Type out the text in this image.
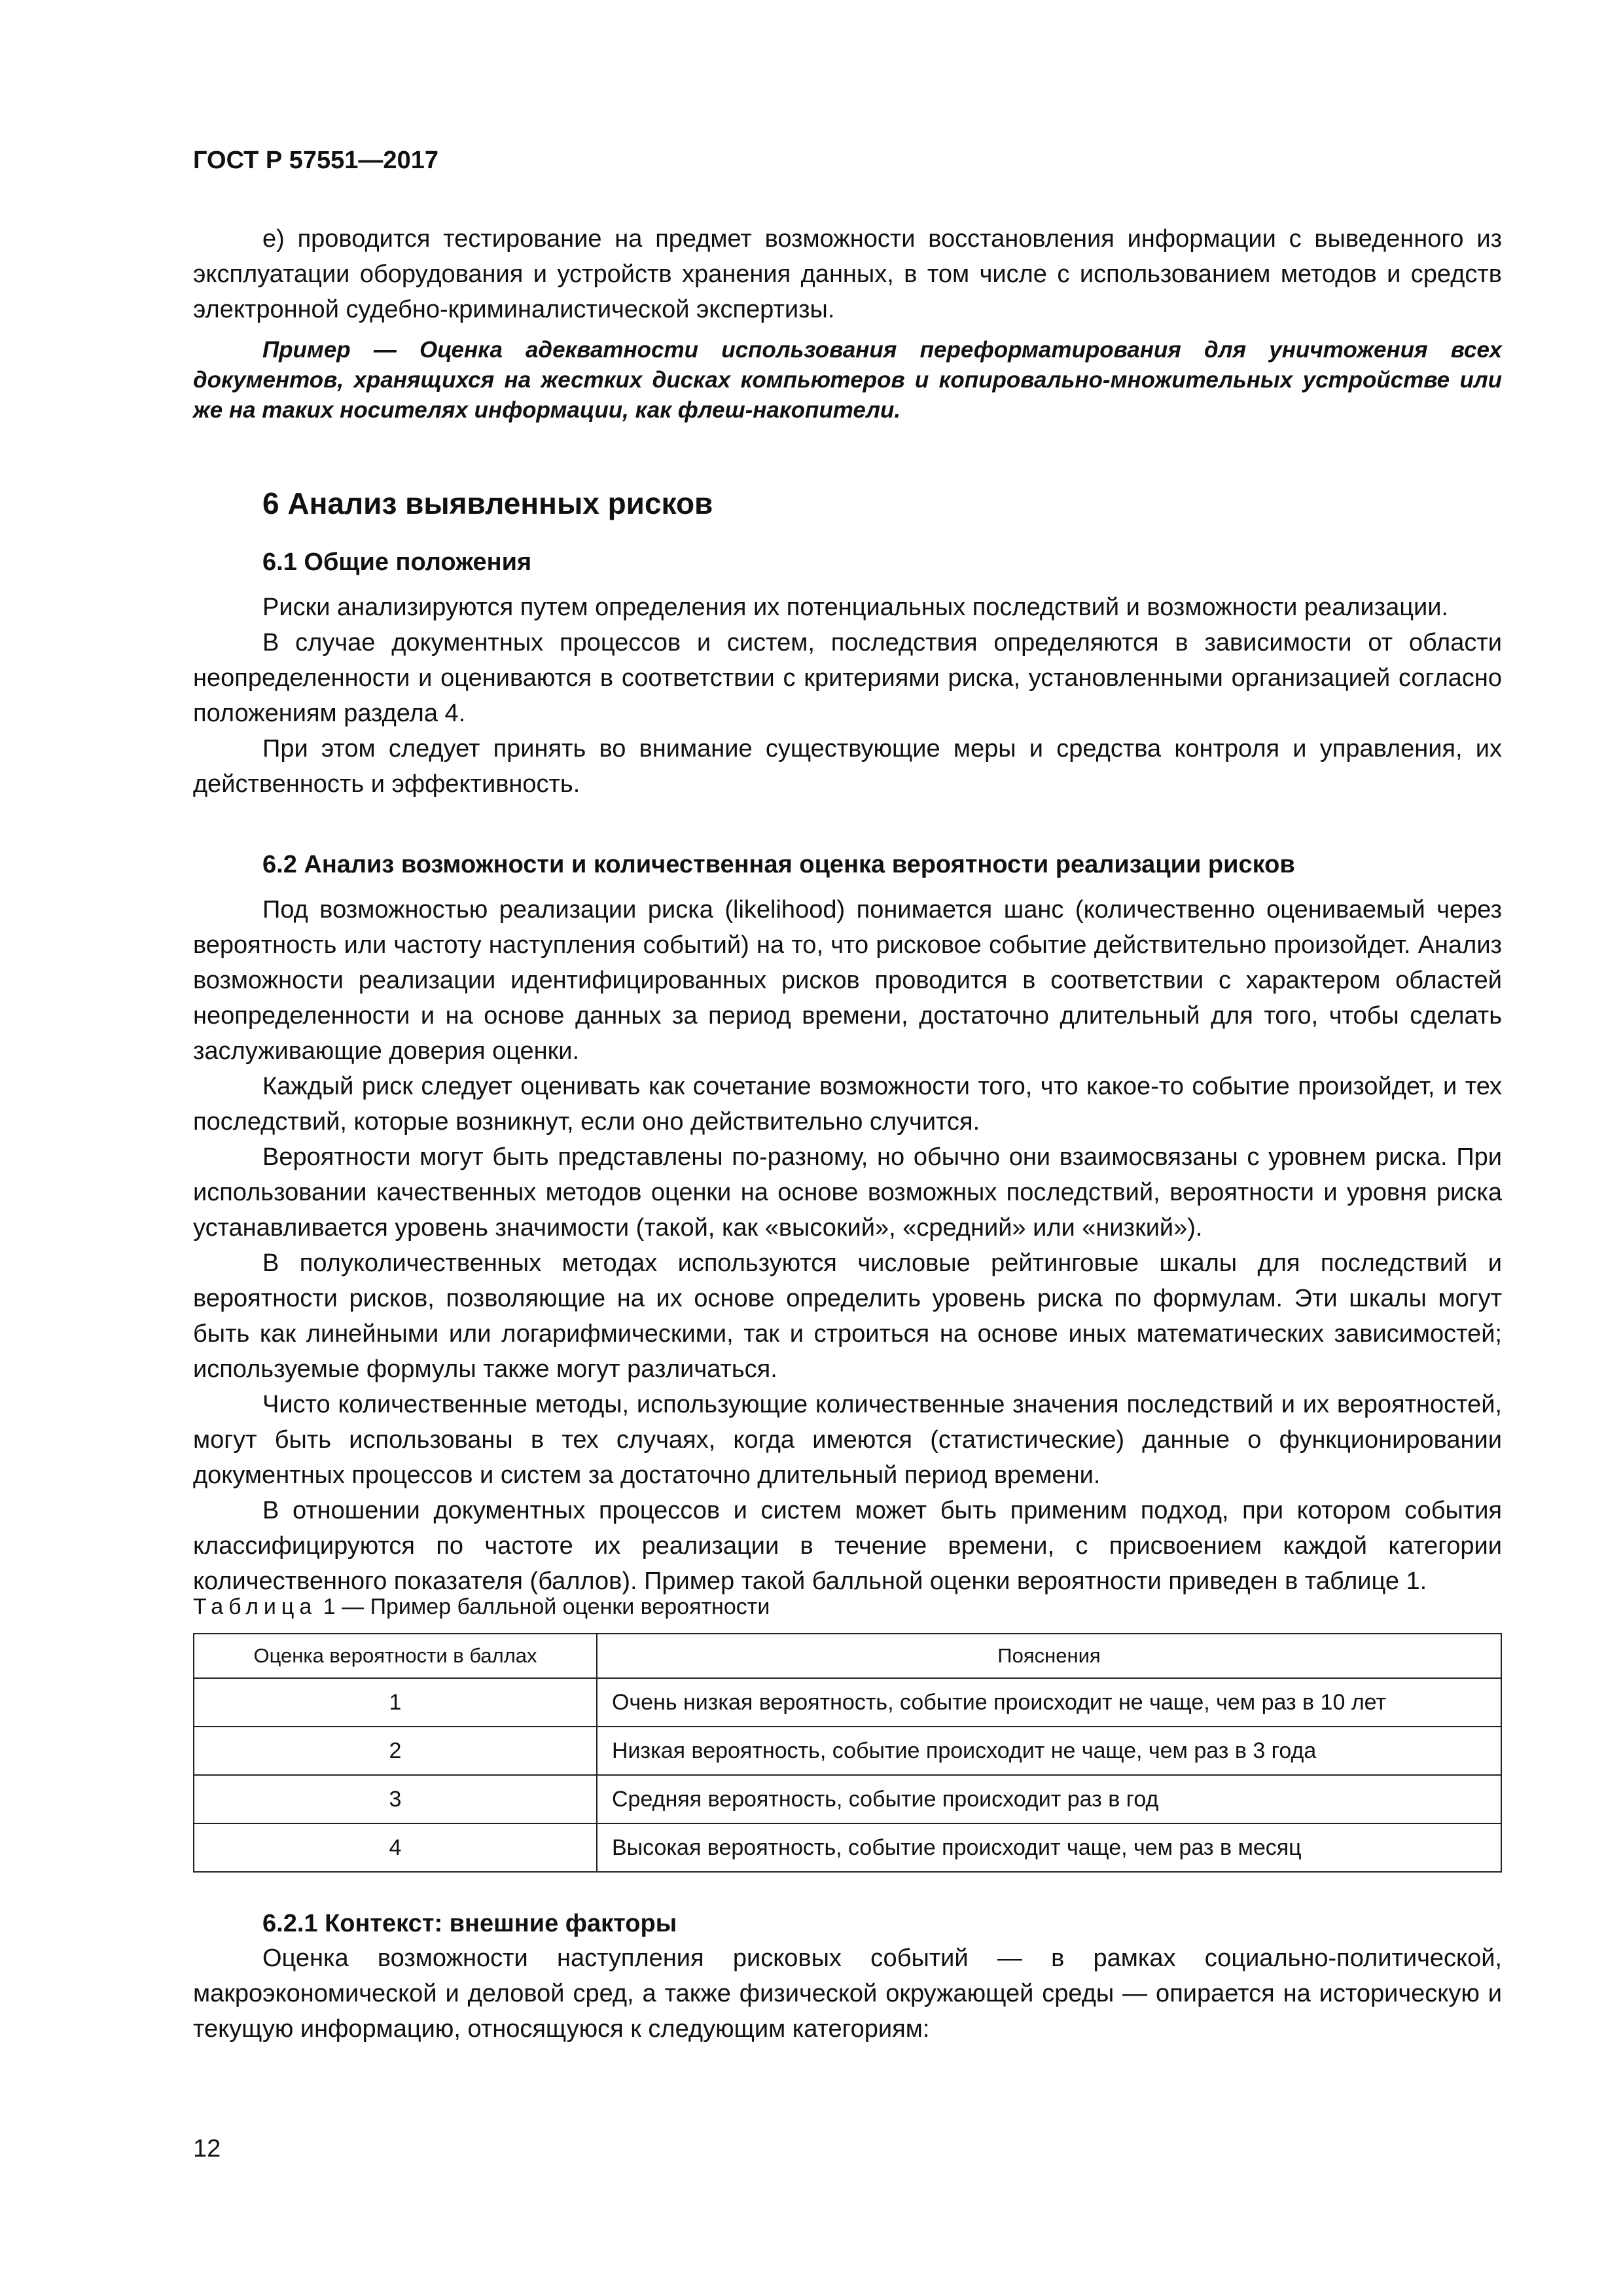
ГОСТ Р 57551—2017

е) проводится тестирование на предмет возможности восстановления информации с выведенного из эксплуатации оборудования и устройств хранения данных, в том числе с использованием методов и средств электронной судебно-криминалистической экспертизы.

Пример — Оценка адекватности использования переформатирования для уничтожения всех документов, хранящихся на жестких дисках компьютеров и копировально-множительных устройстве или же на таких носителях информации, как флеш-накопители.

6 Анализ выявленных рисков

6.1 Общие положения

Риски анализируются путем определения их потенциальных последствий и возможности реализации.

В случае документных процессов и систем, последствия определяются в зависимости от области неопределенности и оцениваются в соответствии с критериями риска, установленными организацией согласно положениям раздела 4.

При этом следует принять во внимание существующие меры и средства контроля и управления, их действенность и эффективность.

6.2 Анализ возможности и количественная оценка вероятности реализации рисков

Под возможностью реализации риска (likelihood) понимается шанс (количественно оцениваемый через вероятность или частоту наступления событий) на то, что рисковое событие действительно произойдет. Анализ возможности реализации идентифицированных рисков проводится в соответствии с характером областей неопределенности и на основе данных за период времени, достаточно длительный для того, чтобы сделать заслуживающие доверия оценки.

Каждый риск следует оценивать как сочетание возможности того, что какое-то событие произойдет, и тех последствий, которые возникнут, если оно действительно случится.

Вероятности могут быть представлены по-разному, но обычно они взаимосвязаны с уровнем риска. При использовании качественных методов оценки на основе возможных последствий, вероятности и уровня риска устанавливается уровень значимости (такой, как «высокий», «средний» или «низкий»).

В полуколичественных методах используются числовые рейтинговые шкалы для последствий и вероятности рисков, позволяющие на их основе определить уровень риска по формулам. Эти шкалы могут быть как линейными или логарифмическими, так и строиться на основе иных математических зависимостей; используемые формулы также могут различаться.

Чисто количественные методы, использующие количественные значения последствий и их вероятностей, могут быть использованы в тех случаях, когда имеются (статистические) данные о функционировании документных процессов и систем за достаточно длительный период времени.

В отношении документных процессов и систем может быть применим подход, при котором события классифицируются по частоте их реализации в течение времени, с присвоением каждой категории количественного показателя (баллов). Пример такой балльной оценки вероятности приведен в таблице 1.

Таблица 1 — Пример балльной оценки вероятности

Оценка вероятности в баллах	Пояснения
1	Очень низкая вероятность, событие происходит не чаще, чем раз в 10 лет
2	Низкая вероятность, событие происходит не чаще, чем раз в 3 года
3	Средняя вероятность, событие происходит раз в год
4	Высокая вероятность, событие происходит чаще, чем раз в месяц

6.2.1 Контекст: внешние факторы

Оценка возможности наступления рисковых событий — в рамках социально-политической, макроэкономической и деловой сред, а также физической окружающей среды — опирается на историческую и текущую информацию, относящуюся к следующим категориям:

12
